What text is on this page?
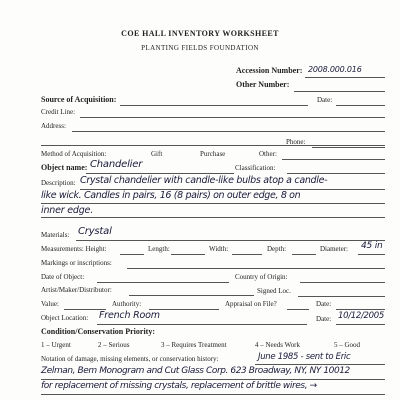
COE HALL INVENTORY WORKSHEET
PLANTING FIELDS FOUNDATION
Accession Number: 2008.000.016
Other Number:
Source of Acquisition:	Date:
Credit Line:
Address:
Phone:
Method of Acquisition:	Gift	Purchase	Other:
Object name: Chandelier	Classification:
Description: Crystal chandelier with candle-like bulbs atop a candle-
like wick. Candles in pairs, 16 (8 pairs) on outer edge, 8 on
inner edge.
Materials: Crystal
Measurements: Height:	Length:	Width:	Depth:	Diameter: 45 in
Markings or inscriptions:
Date of Object:	Country of Origin:
Artist/Maker/Distributor:	Signed Loc.
Value:	Authority:	Appraisal on File?	Date:
Object Location: French Room	Date: 10/12/2005
Condition/Conservation Priority:
1 – Urgent	2 – Serious	3 – Requires Treatment	4 – Needs Work	5 – Good
Notation of damage, missing elements, or conservation history:	June 1985 - sent to Eric
Zelman, Bem Monogram and Cut Glass Corp. 623 Broadway, NY, NY 10012
for replacement of missing crystals, replacement of brittle wires, →
